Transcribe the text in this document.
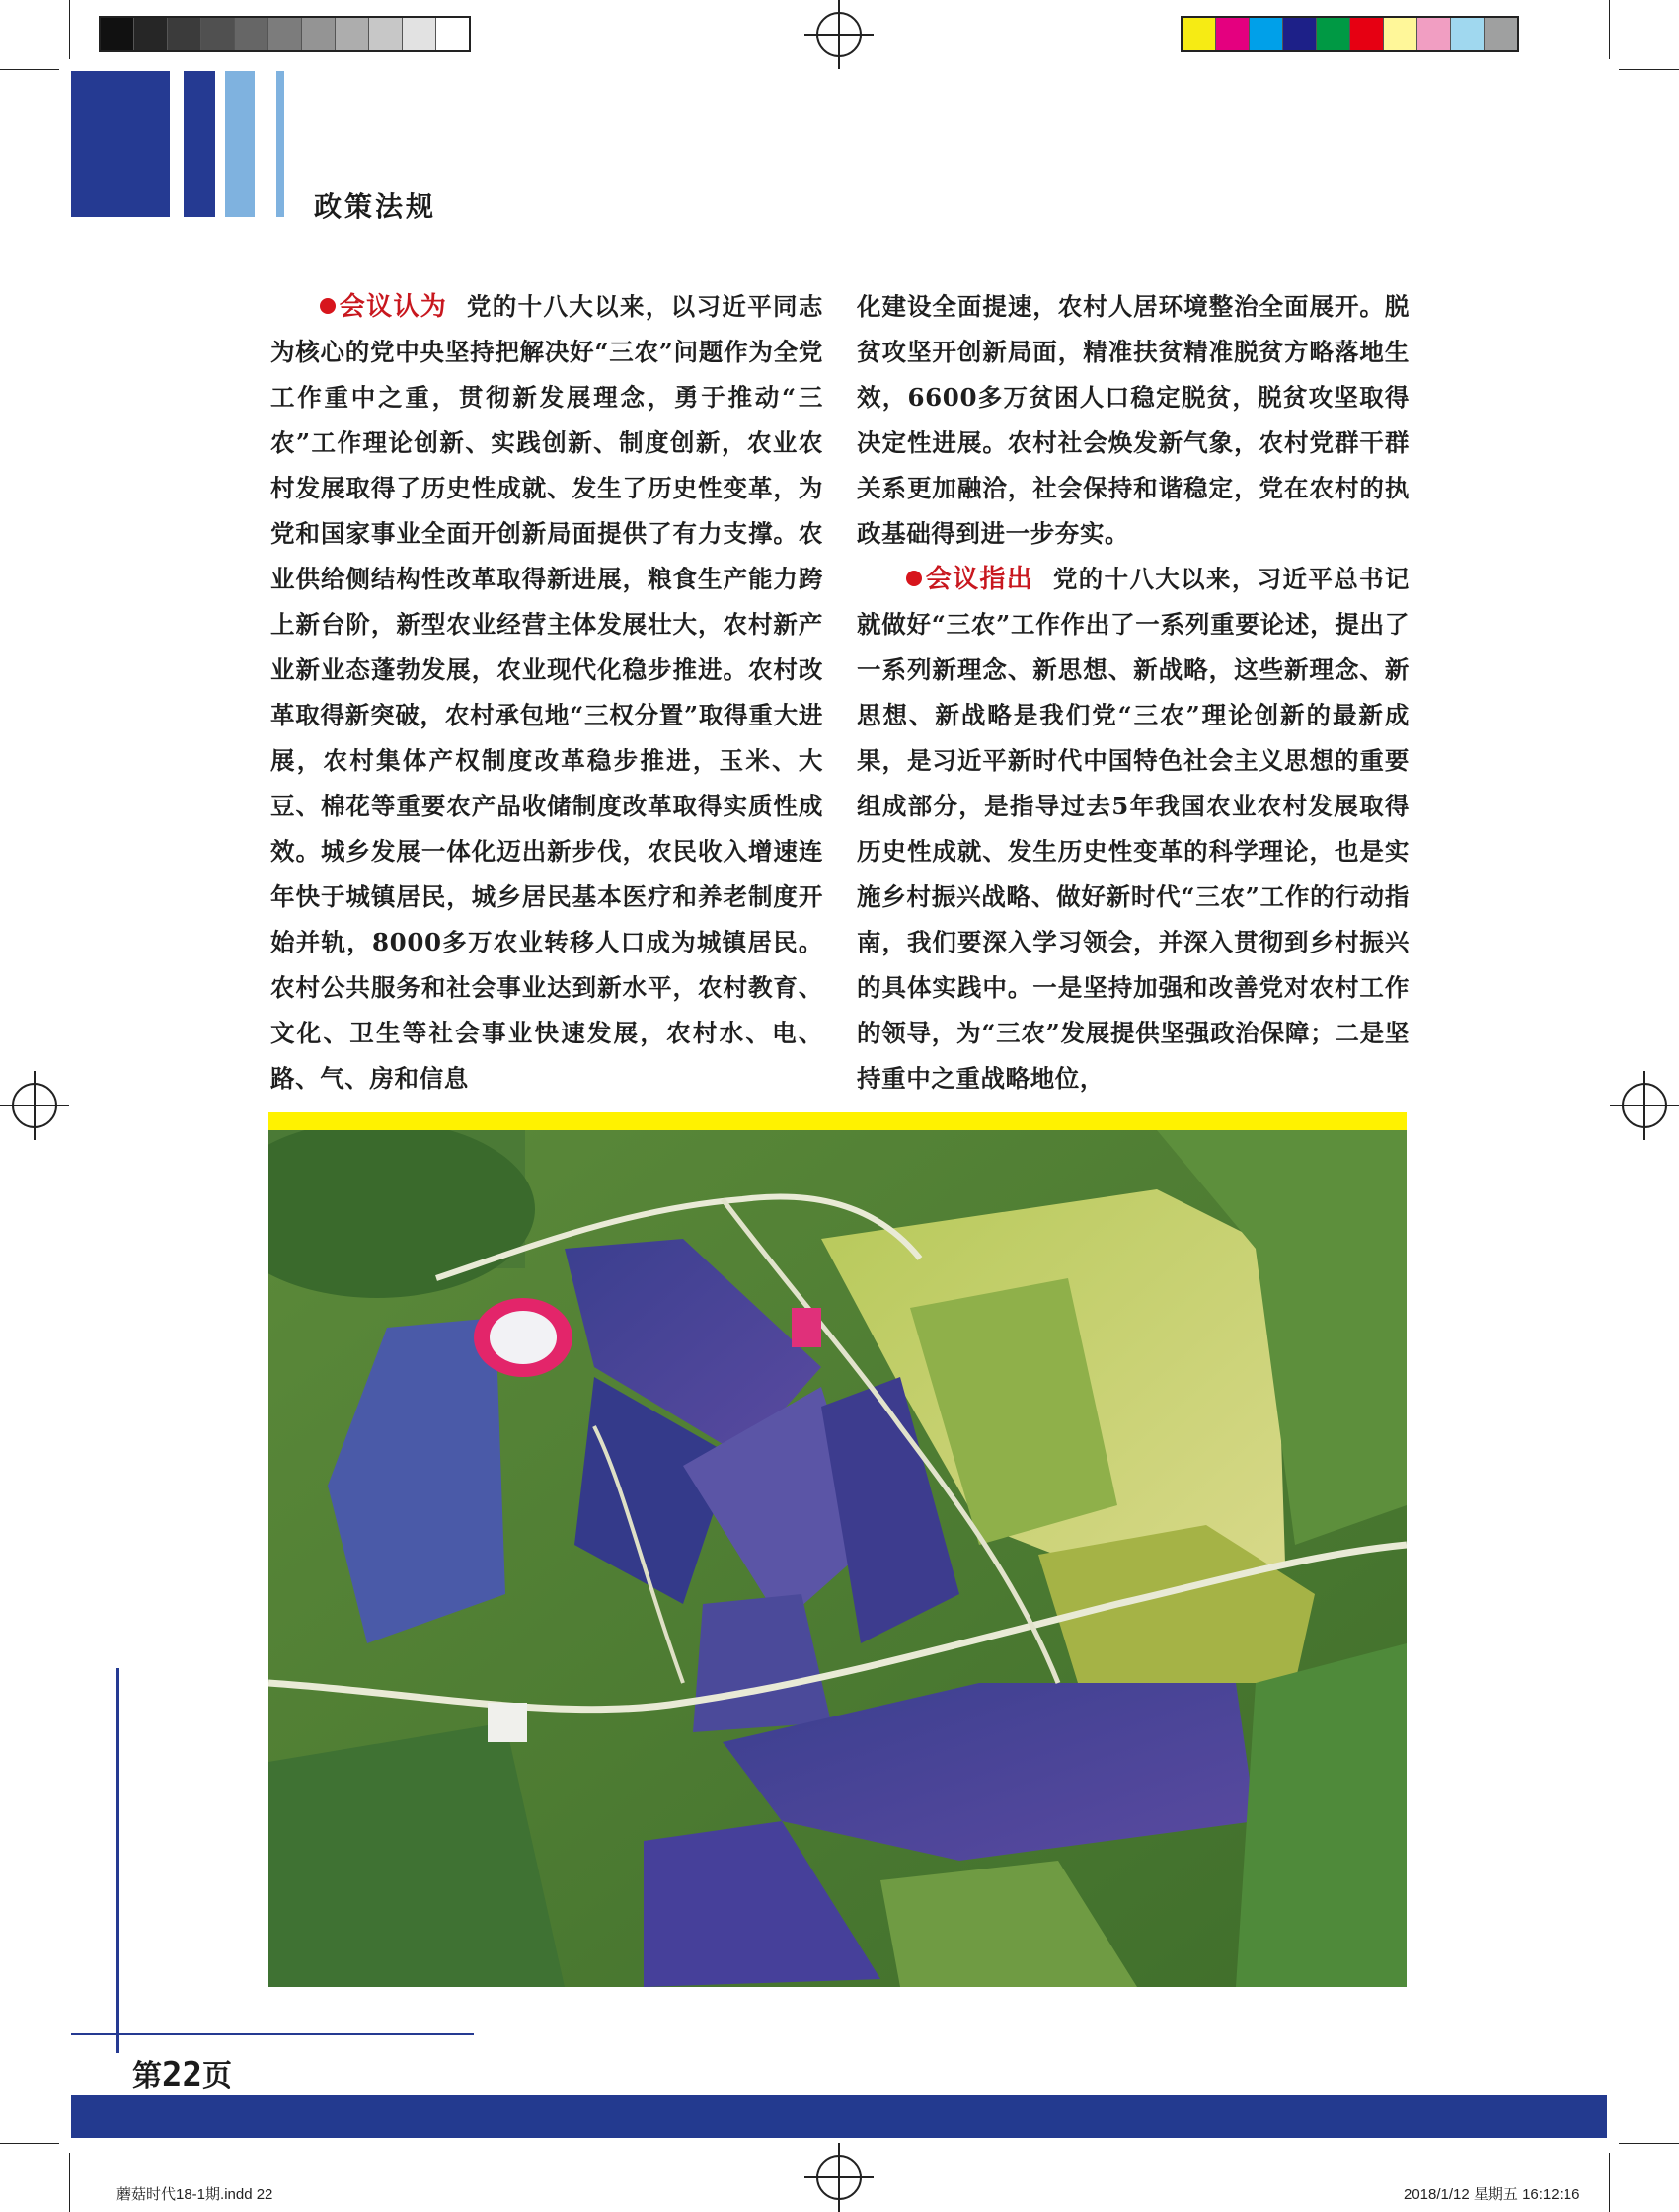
政策法规

会议认为 党的十八大以来，以习近平同志为核心的党中央坚持把解决好“三农”问题作为全党工作重中之重，贯彻新发展理念，勇于推动“三农”工作理论创新、实践创新、制度创新，农业农村发展取得了历史性成就、发生了历史性变革，为党和国家事业全面开创新局面提供了有力支撑。农业供给侧结构性改革取得新进展，粮食生产能力跨上新台阶，新型农业经营主体发展壮大，农村新产业新业态蓬勃发展，农业现代化稳步推进。农村改革取得新突破，农村承包地“三权分置”取得重大进展，农村集体产权制度改革稳步推进，玉米、大豆、棉花等重要农产品收储制度改革取得实质性成效。城乡发展一体化迈出新步伐，农民收入增速连年快于城镇居民，城乡居民基本医疗和养老制度开始并轨，8000多万农业转移人口成为城镇居民。农村公共服务和社会事业达到新水平，农村教育、文化、卫生等社会事业快速发展，农村水、电、路、气、房和信息

化建设全面提速，农村人居环境整治全面展开。脱贫攻坚开创新局面，精准扶贫精准脱贫方略落地生效，6600多万贫困人口稳定脱贫，脱贫攻坚取得决定性进展。农村社会焕发新气象，农村党群干群关系更加融洽，社会保持和谐稳定，党在农村的执政基础得到进一步夯实。

会议指出 党的十八大以来，习近平总书记就做好“三农”工作作出了一系列重要论述，提出了一系列新理念、新思想、新战略，这些新理念、新思想、新战略是我们党“三农”理论创新的最新成果，是习近平新时代中国特色社会主义思想的重要组成部分，是指导过去5年我国农业农村发展取得历史性成就、发生历史性变革的科学理论，也是实施乡村振兴战略、做好新时代“三农”工作的行动指南，我们要深入学习领会，并深入贯彻到乡村振兴的具体实践中。一是坚持加强和改善党对农村工作的领导，为“三农”发展提供坚强政治保障；二是坚持重中之重战略地位，

第22页
蘑菇时代18-1期.indd 22	2018/1/12 星期五 16:12:16
